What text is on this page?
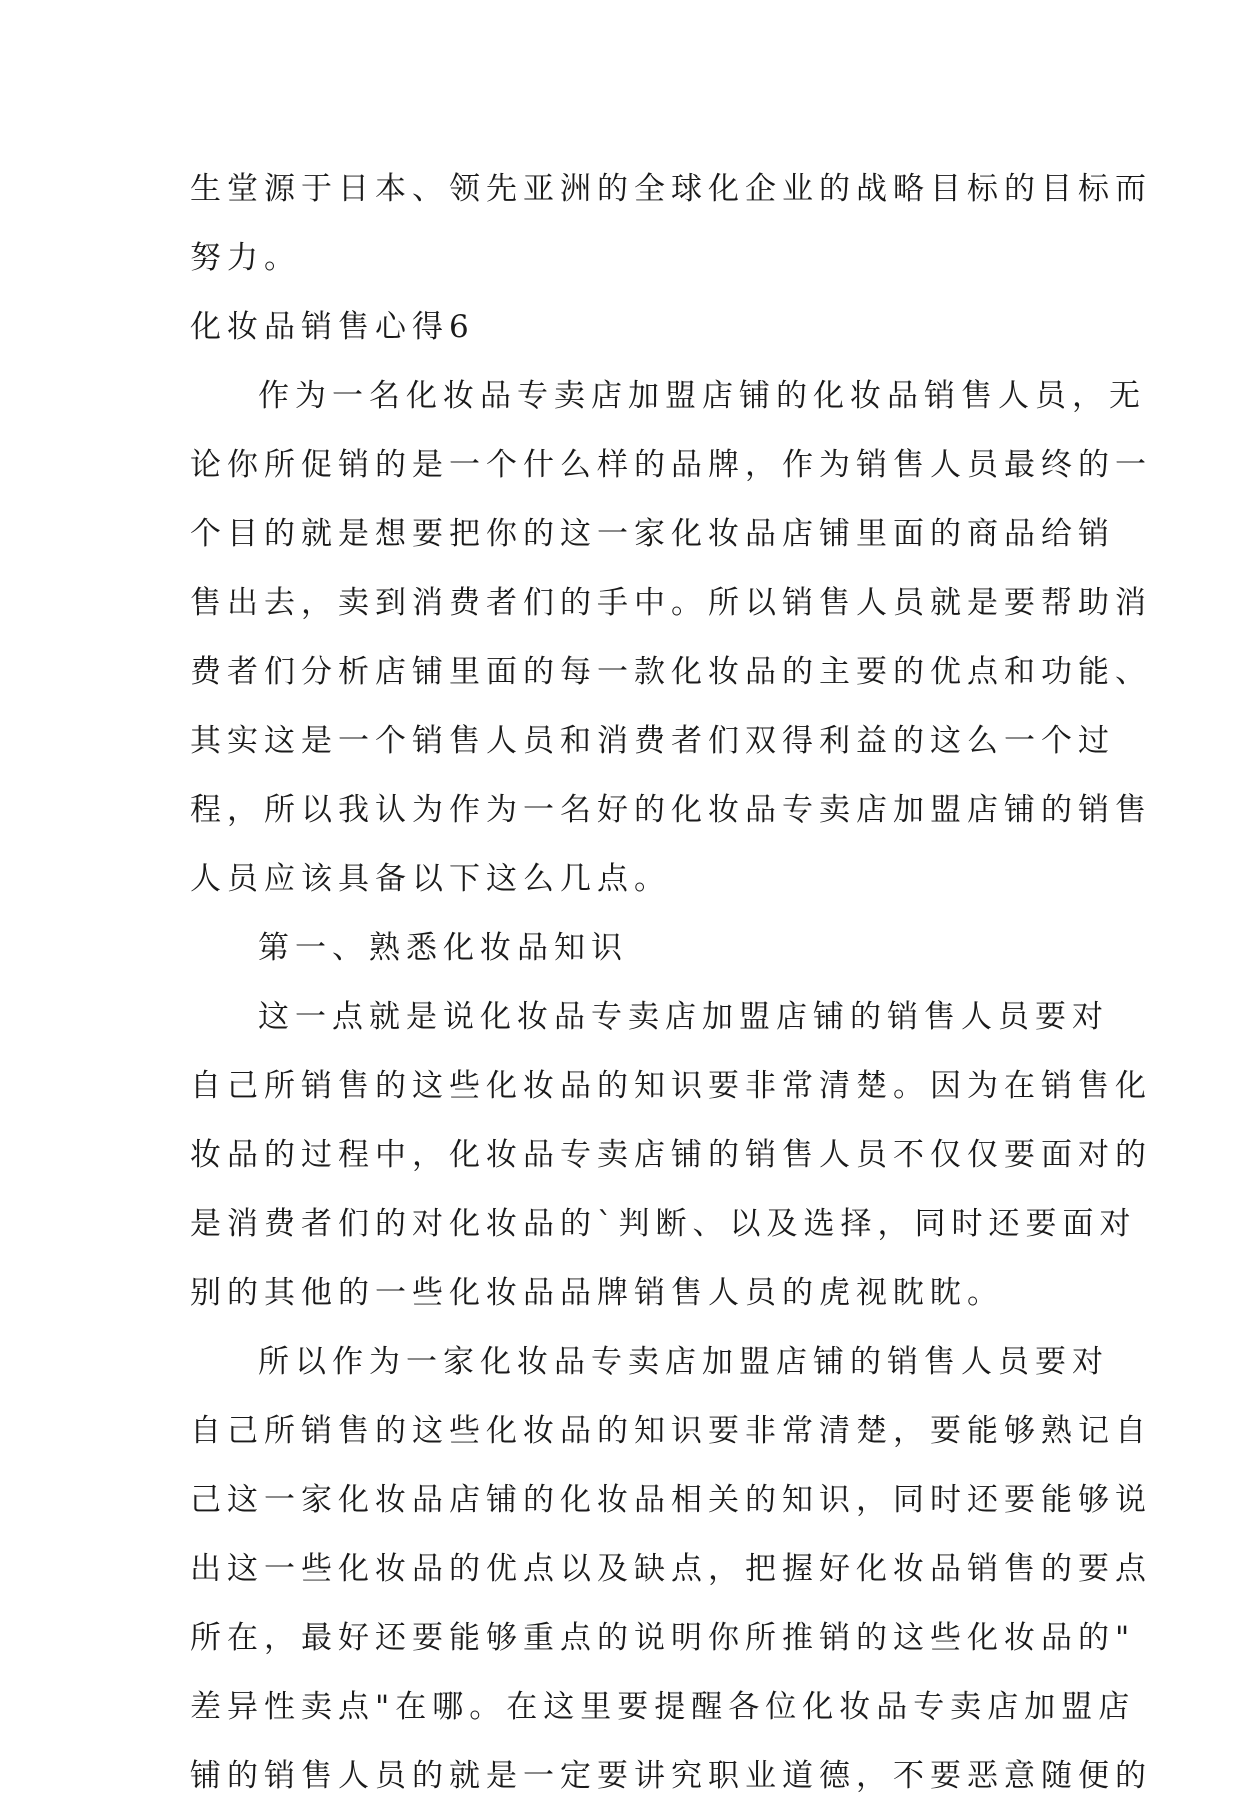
生堂源于日本、领先亚洲的全球化企业的战略目标的目标而
努力。
化妆品销售心得6
作为一名化妆品专卖店加盟店铺的化妆品销售人员，无
论你所促销的是一个什么样的品牌，作为销售人员最终的一
个目的就是想要把你的这一家化妆品店铺里面的商品给销
售出去，卖到消费者们的手中。所以销售人员就是要帮助消
费者们分析店铺里面的每一款化妆品的主要的优点和功能、
其实这是一个销售人员和消费者们双得利益的这么一个过
程，所以我认为作为一名好的化妆品专卖店加盟店铺的销售
人员应该具备以下这么几点。
第一、熟悉化妆品知识
这一点就是说化妆品专卖店加盟店铺的销售人员要对
自己所销售的这些化妆品的知识要非常清楚。因为在销售化
妆品的过程中，化妆品专卖店铺的销售人员不仅仅要面对的
是消费者们的对化妆品的`判断、以及选择，同时还要面对
别的其他的一些化妆品品牌销售人员的虎视眈眈。
所以作为一家化妆品专卖店加盟店铺的销售人员要对
自己所销售的这些化妆品的知识要非常清楚，要能够熟记自
己这一家化妆品店铺的化妆品相关的知识，同时还要能够说
出这一些化妆品的优点以及缺点，把握好化妆品销售的要点
所在，最好还要能够重点的说明你所推销的这些化妆品的"
差异性卖点"在哪。在这里要提醒各位化妆品专卖店加盟店
铺的销售人员的就是一定要讲究职业道德，不要恶意随便的
